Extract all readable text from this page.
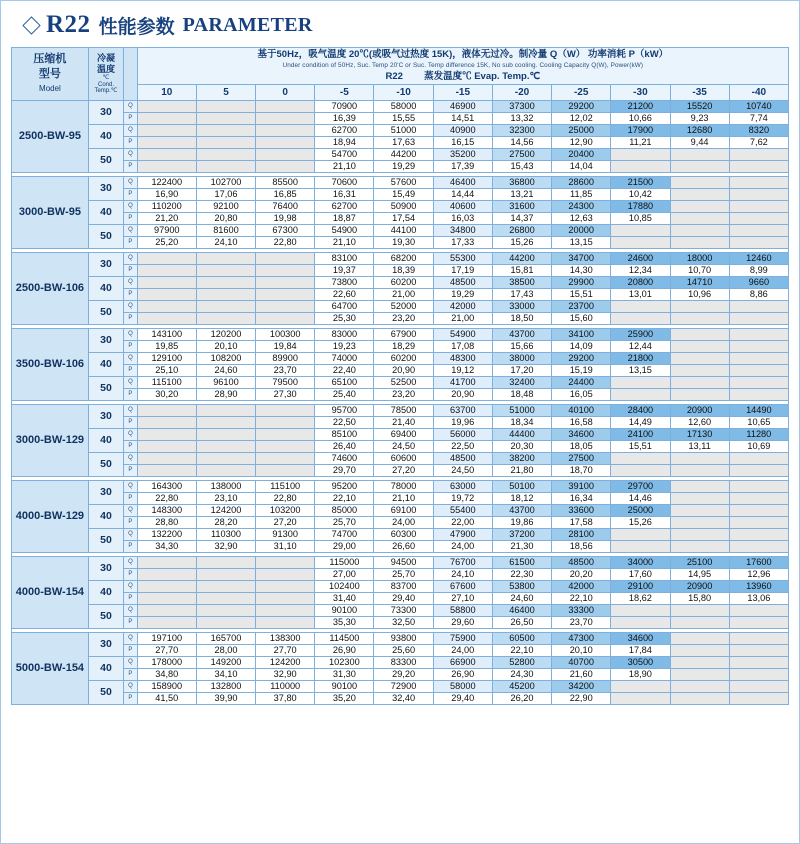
R22 性能参数 PARAMETER
压缩机
型号
Model	冷凝
温度
℃
Cond.
Temp.℃
		基于50Hz，吸气温度 20℃(或吸气过热度 15K)，液体无过冷。制冷量 Q（W） 功率消耗 P（kW）
Under condition of 50Hz, Suc. Temp 20'C or Suc. Temp difference 15K, No sub cooling. Cooling Capacity Q(W), Power(kW)
R22        蒸发温度℃ Evap. Temp.℃

			10	5	0	-5	-10	-15	-20	-25	-30	-35	-40
2500-BW-95	30	Q				70900	58000	46900	37300	29200	21200	15520	10740
		P				16,39	15,55	14,51	13,32	12,02	10,66	9,23	7,74
	40	Q				62700	51000	40900	32300	25000	17900	12680	8320
		P				18,94	17,63	16,15	14,56	12,90	11,21	9,44	7,62
	50	Q				54700	44200	35200	27500	20400			
		P				21,10	19,29	17,39	15,43	14,04			

3000-BW-95	30	Q	122400	102700	85500	70600	57600	46400	36800	28600	21500		
		P	16,90	17,06	16,85	16,31	15,49	14,44	13,21	11,85	10,42		
	40	Q	110200	92100	76400	62700	50900	40600	31600	24300	17880		
		P	21,20	20,80	19,98	18,87	17,54	16,03	14,37	12,63	10,85		
	50	Q	97900	81600	67300	54900	44100	34800	26800	20000			
		P	25,20	24,10	22,80	21,10	19,30	17,33	15,26	13,15			

2500-BW-106	30	Q				83100	68200	55300	44200	34700	24600	18000	12460
		P				19,37	18,39	17,19	15,81	14,30	12,34	10,70	8,99
	40	Q				73800	60200	48500	38500	29900	20800	14710	9660
		P				22,60	21,00	19,29	17,43	15,51	13,01	10,96	8,86
	50	Q				64700	52000	42000	33000	23700			
		P				25,30	23,20	21,00	18,50	15,60			

3500-BW-106	30	Q	143100	120200	100300	83000	67900	54900	43700	34100	25900		
		P	19,85	20,10	19,84	19,23	18,29	17,08	15,66	14,09	12,44		
	40	Q	129100	108200	89900	74000	60200	48300	38000	29200	21800		
		P	25,10	24,60	23,70	22,40	20,90	19,12	17,20	15,19	13,15		
	50	Q	115100	96100	79500	65100	52500	41700	32400	24400			
		P	30,20	28,90	27,30	25,40	23,20	20,90	18,48	16,05			

3000-BW-129	30	Q				95700	78500	63700	51000	40100	28400	20900	14490
		P				22,50	21,40	19,96	18,34	16,58	14,49	12,60	10,65
	40	Q				85100	69400	56000	44400	34600	24100	17130	11280
		P				26,40	24,50	22,50	20,30	18,05	15,51	13,11	10,69
	50	Q				74600	60600	48500	38200	27500			
		P				29,70	27,20	24,50	21,80	18,70			

4000-BW-129	30	Q	164300	138000	115100	95200	78000	63000	50100	39100	29700		
		P	22,80	23,10	22,80	22,10	21,10	19,72	18,12	16,34	14,46		
	40	Q	148300	124200	103200	85000	69100	55400	43700	33600	25000		
		P	28,80	28,20	27,20	25,70	24,00	22,00	19,86	17,58	15,26		
	50	Q	132200	110300	91300	74700	60300	47900	37200	28100			
		P	34,30	32,90	31,10	29,00	26,60	24,00	21,30	18,56			

4000-BW-154	30	Q				115000	94500	76700	61500	48500	34000	25100	17600
		P				27,00	25,70	24,10	22,30	20,20	17,60	14,95	12,96
	40	Q				102400	83700	67600	53800	42000	29100	20900	13960
		P				31,40	29,40	27,10	24,60	22,10	18,62	15,80	13,06
	50	Q				90100	73300	58800	46400	33300			
		P				35,30	32,50	29,60	26,50	23,70			

5000-BW-154	30	Q	197100	165700	138300	114500	93800	75900	60500	47300	34600		
		P	27,70	28,00	27,70	26,90	25,60	24,00	22,10	20,10	17,84		
	40	Q	178000	149200	124200	102300	83300	66900	52800	40700	30500		
		P	34,80	34,10	32,90	31,30	29,20	26,90	24,30	21,60	18,90		
	50	Q	158900	132800	110000	90100	72900	58000	45200	34200			
		P	41,50	39,90	37,80	35,20	32,40	29,40	26,20	22,90			
